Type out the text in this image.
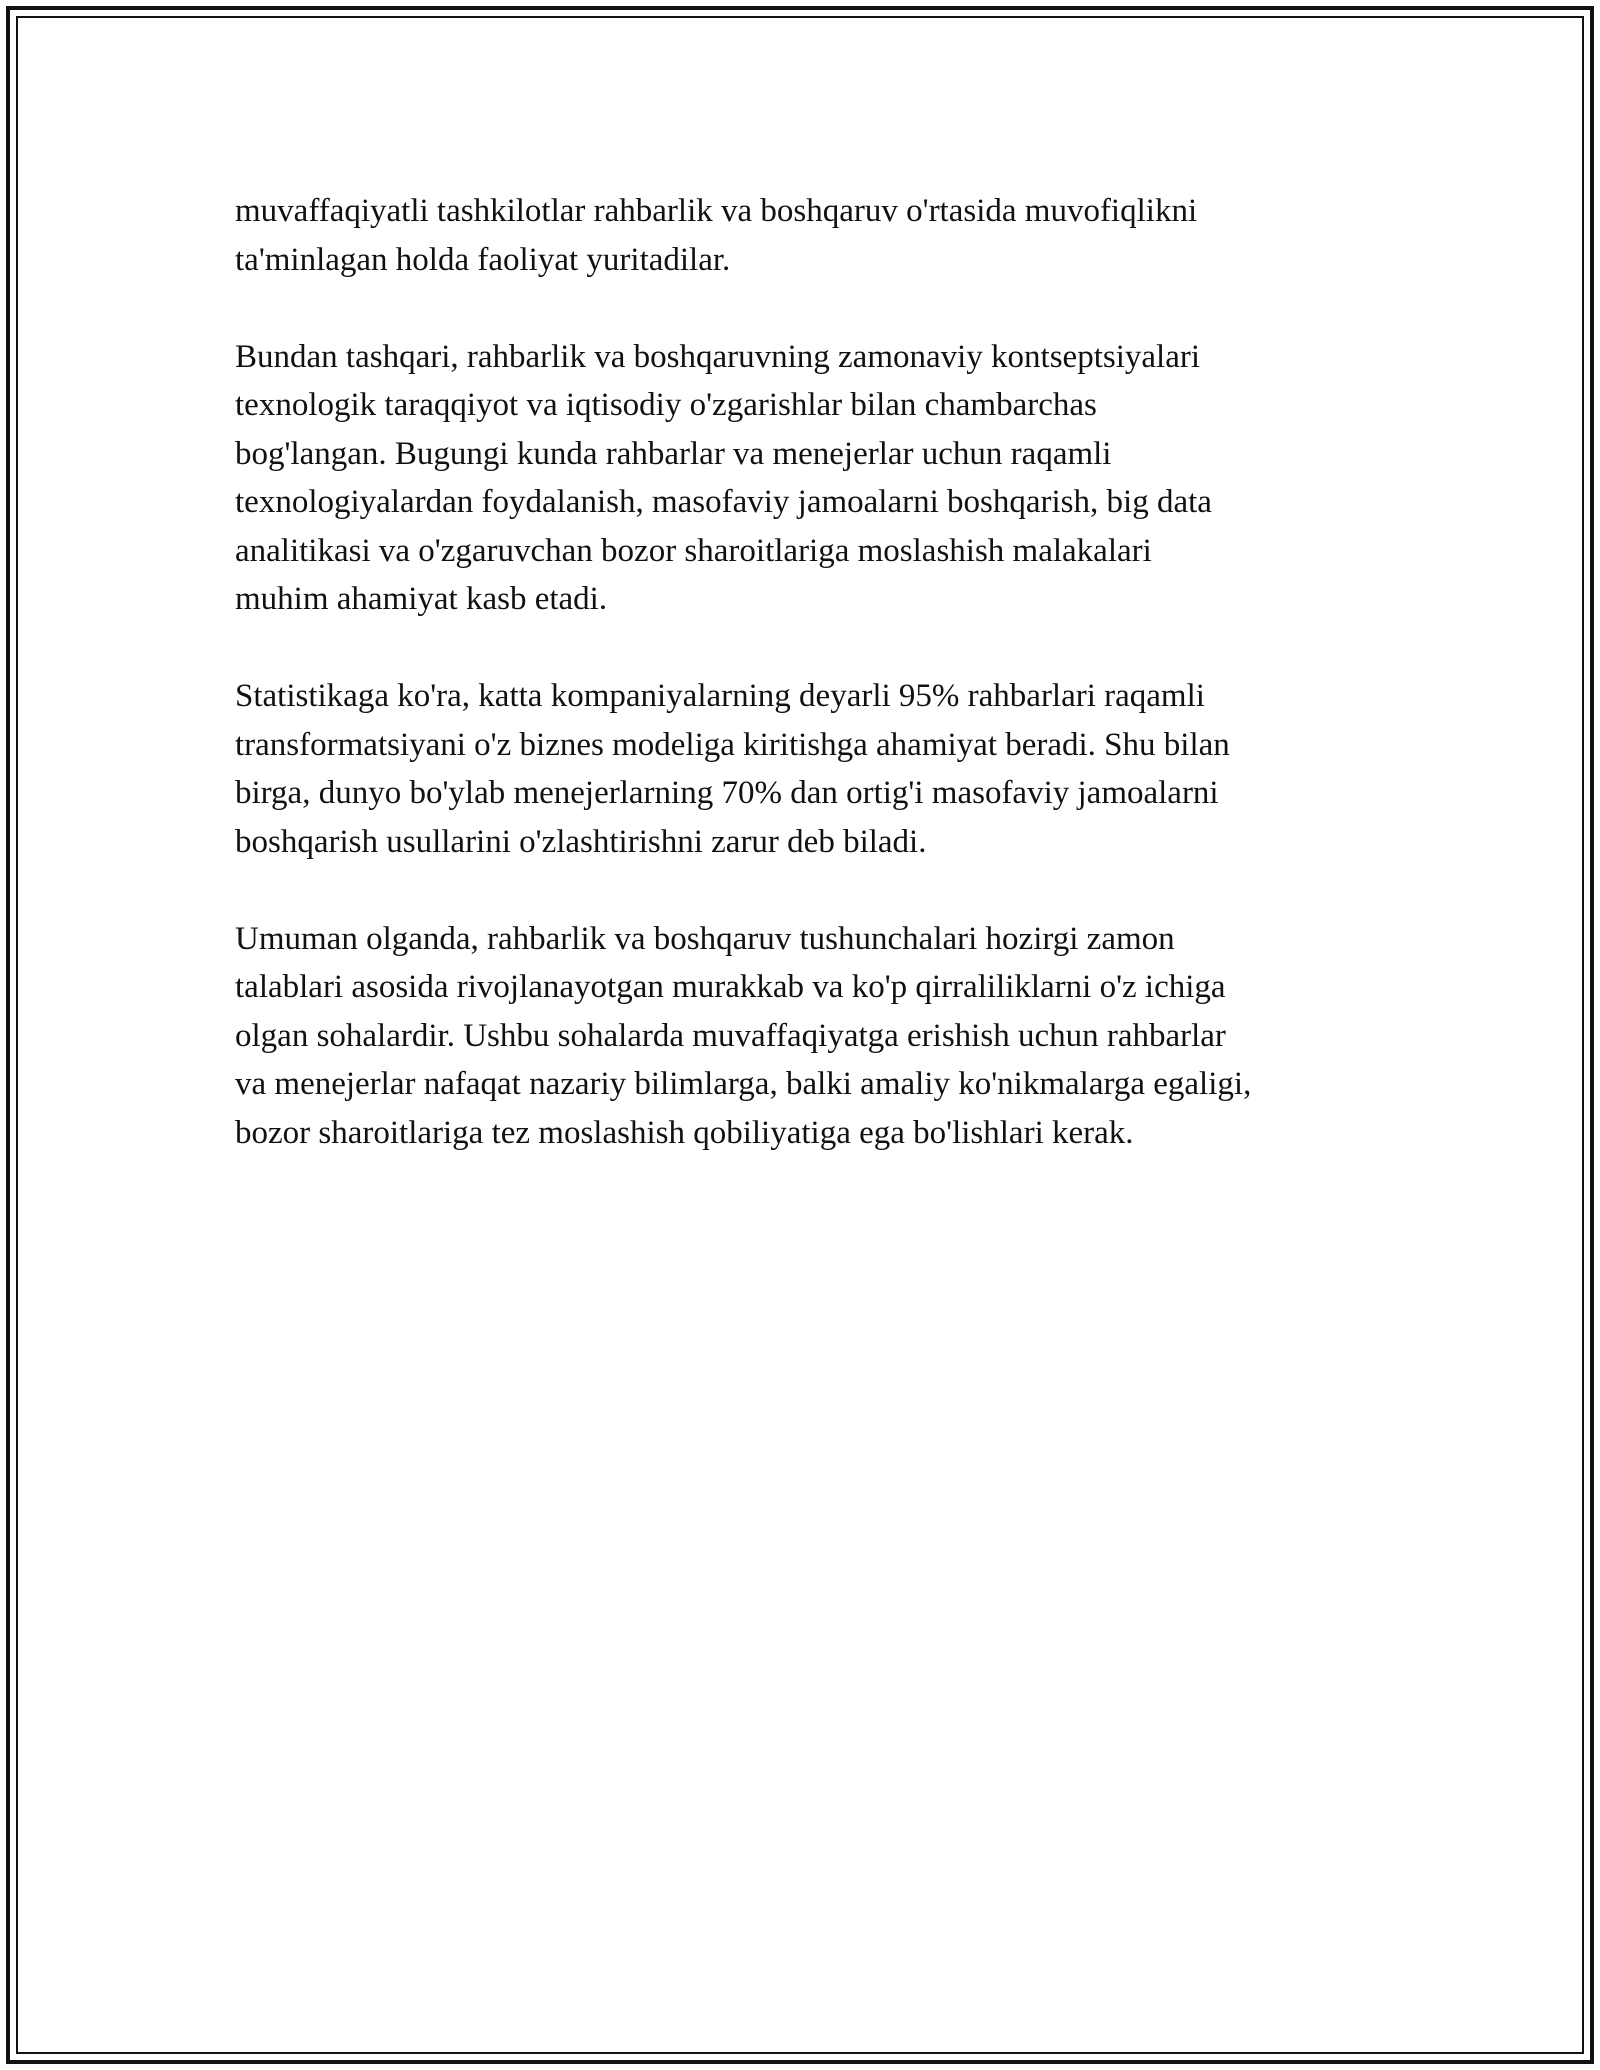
muvaffaqiyatli tashkilotlar rahbarlik va boshqaruv o'rtasida muvofiqlikni
ta'minlagan holda faoliyat yuritadilar.

Bundan tashqari, rahbarlik va boshqaruvning zamonaviy kontseptsiyalari
texnologik taraqqiyot va iqtisodiy o'zgarishlar bilan chambarchas
bog'langan. Bugungi kunda rahbarlar va menejerlar uchun raqamli
texnologiyalardan foydalanish, masofaviy jamoalarni boshqarish, big data
analitikasi va o'zgaruvchan bozor sharoitlariga moslashish malakalari
muhim ahamiyat kasb etadi.

Statistikaga ko'ra, katta kompaniyalarning deyarli 95% rahbarlari raqamli
transformatsiyani o'z biznes modeliga kiritishga ahamiyat beradi. Shu bilan
birga, dunyo bo'ylab menejerlarning 70% dan ortig'i masofaviy jamoalarni
boshqarish usullarini o'zlashtirishni zarur deb biladi.

Umuman olganda, rahbarlik va boshqaruv tushunchalari hozirgi zamon
talablari asosida rivojlanayotgan murakkab va ko'p qirraliliklarni o'z ichiga
olgan sohalardir. Ushbu sohalarda muvaffaqiyatga erishish uchun rahbarlar
va menejerlar nafaqat nazariy bilimlarga, balki amaliy ko'nikmalarga egaligi,
bozor sharoitlariga tez moslashish qobiliyatiga ega bo'lishlari kerak.
